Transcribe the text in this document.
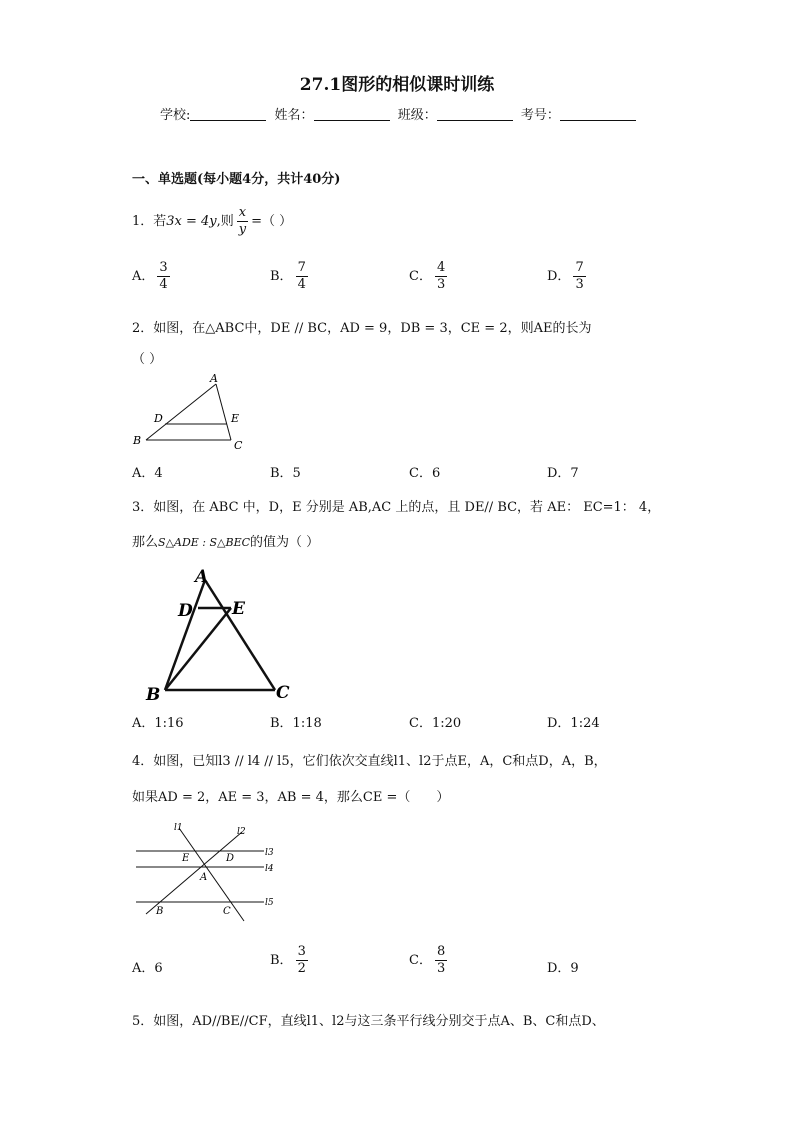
27.1图形的相似课时训练
学校:	姓名：	班级：	考号：
一、单选题(每小题4分，共计40分)
1．若3x = 4y,则 $\frac{x}{y}$ =（ ）
A． $\frac{3}{4}$	B． $\frac{7}{4}$	C． $\frac{4}{3}$	D． $\frac{7}{3}$
2．如图，在△ABC中，DE // BC，AD = 9，DB = 3，CE = 2，则AE的长为
（ ）
A
D	E
B	C
A．4	B．5	C．6	D．7
3．如图，在 ABC 中，D，E 分别是 AB,AC 上的点，且 DE// BC，若 AE： EC=1： 4，
那么S△ADE : S△BEC的值为（ ）
A
D E
B	C
A．1:16	B．1:18	C．1:20	D．1:24
4．如图，已知l3 // l4 // l5，它们依次交直线l1、l2于点E，A，C和点D，A，B，
如果AD = 2，AE = 3，AB = 4，那么CE =（　　）
l1	l2
l3
l4
l5
E	D
A
B	C
A．6
B． $\frac{3}{2}$	C． $\frac{8}{3}$	D．9
5．如图，AD//BE//CF，直线l1、l2与这三条平行线分别交于点A、B、C和点D、
